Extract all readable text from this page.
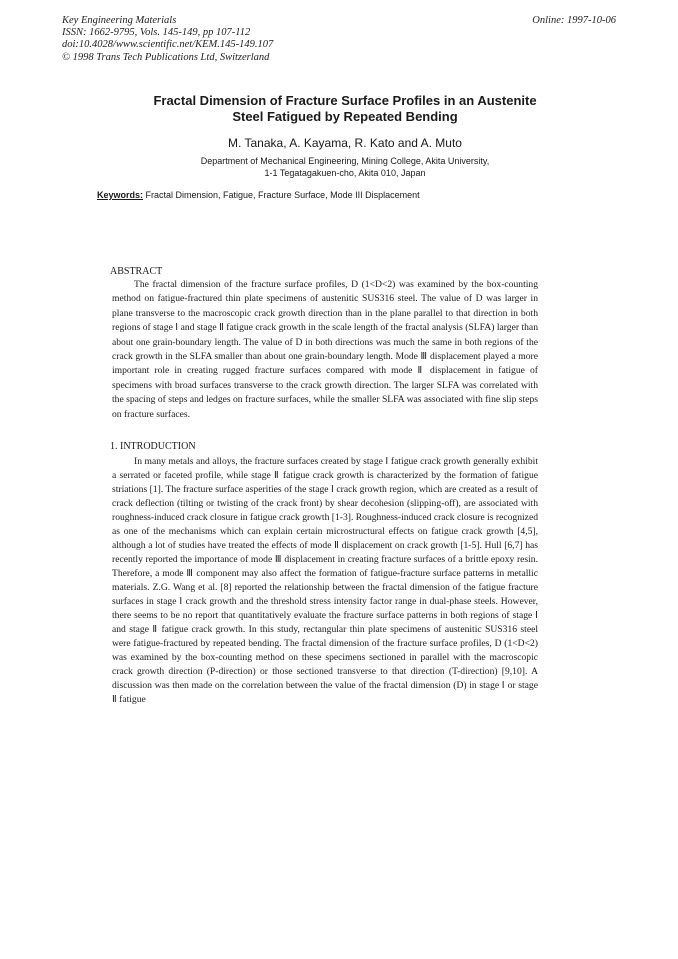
Key Engineering Materials
ISSN: 1662-9795, Vols. 145-149, pp 107-112
doi:10.4028/www.scientific.net/KEM.145-149.107
© 1998 Trans Tech Publications Ltd, Switzerland
Online: 1997-10-06
Fractal Dimension of Fracture Surface Profiles in an Austenite
Steel Fatigued by Repeated Bending
M. Tanaka, A. Kayama, R. Kato and A. Muto
Department of Mechanical Engineering, Mining College, Akita University,
1-1 Tegatagakuen-cho, Akita 010, Japan
Keywords: Fractal Dimension, Fatigue, Fracture Surface, Mode III Displacement
ABSTRACT
The fractal dimension of the fracture surface profiles, D (1<D<2) was examined by the box-counting method on fatigue-fractured thin plate specimens of austenitic SUS316 steel. The value of D was larger in plane transverse to the macroscopic crack growth direction than in the plane parallel to that direction in both regions of stage Ⅰ and stage Ⅱ fatigue crack growth in the scale length of the fractal analysis (SLFA) larger than about one grain-boundary length. The value of D in both directions was much the same in both regions of the crack growth in the SLFA smaller than about one grain-boundary length. Mode Ⅲ displacement played a more important role in creating rugged fracture surfaces compared with mode Ⅱ displacement in fatigue of specimens with broad surfaces transverse to the crack growth direction. The larger SLFA was correlated with the spacing of steps and ledges on fracture surfaces, while the smaller SLFA was associated with fine slip steps on fracture surfaces.
1. INTRODUCTION
In many metals and alloys, the fracture surfaces created by stage Ⅰ fatigue crack growth generally exhibit a serrated or faceted profile, while stage Ⅱ fatigue crack growth is characterized by the formation of fatigue striations [1]. The fracture surface asperities of the stage Ⅰ crack growth region, which are created as a result of crack deflection (tilting or twisting of the crack front) by shear decohesion (slipping-off), are associated with roughness-induced crack closure in fatigue crack growth [1-3]. Roughness-induced crack closure is recognized as one of the mechanisms which can explain certain microstructural effects on fatigue crack growth [4,5], although a lot of studies have treated the effects of mode Ⅱ displacement on crack growth [1-5]. Hull [6,7] has recently reported the importance of mode Ⅲ displacement in creating fracture surfaces of a brittle epoxy resin. Therefore, a mode Ⅲ component may also affect the formation of fatigue-fracture surface patterns in metallic materials. Z.G. Wang et al. [8] reported the relationship between the fractal dimension of the fatigue fracture surfaces in stage Ⅰ crack growth and the threshold stress intensity factor range in dual-phase steels. However, there seems to be no report that quantitatively evaluate the fracture surface patterns in both regions of stage Ⅰ and stage Ⅱ fatigue crack growth. In this study, rectangular thin plate specimens of austenitic SUS316 steel were fatigue-fractured by repeated bending. The fractal dimension of the fracture surface profiles, D (1<D<2) was examined by the box-counting method on these specimens sectioned in parallel with the macroscopic crack growth direction (P-direction) or those sectioned transverse to that direction (T-direction) [9,10]. A discussion was then made on the correlation between the value of the fractal dimension (D) in stage Ⅰ or stage Ⅱ fatigue
